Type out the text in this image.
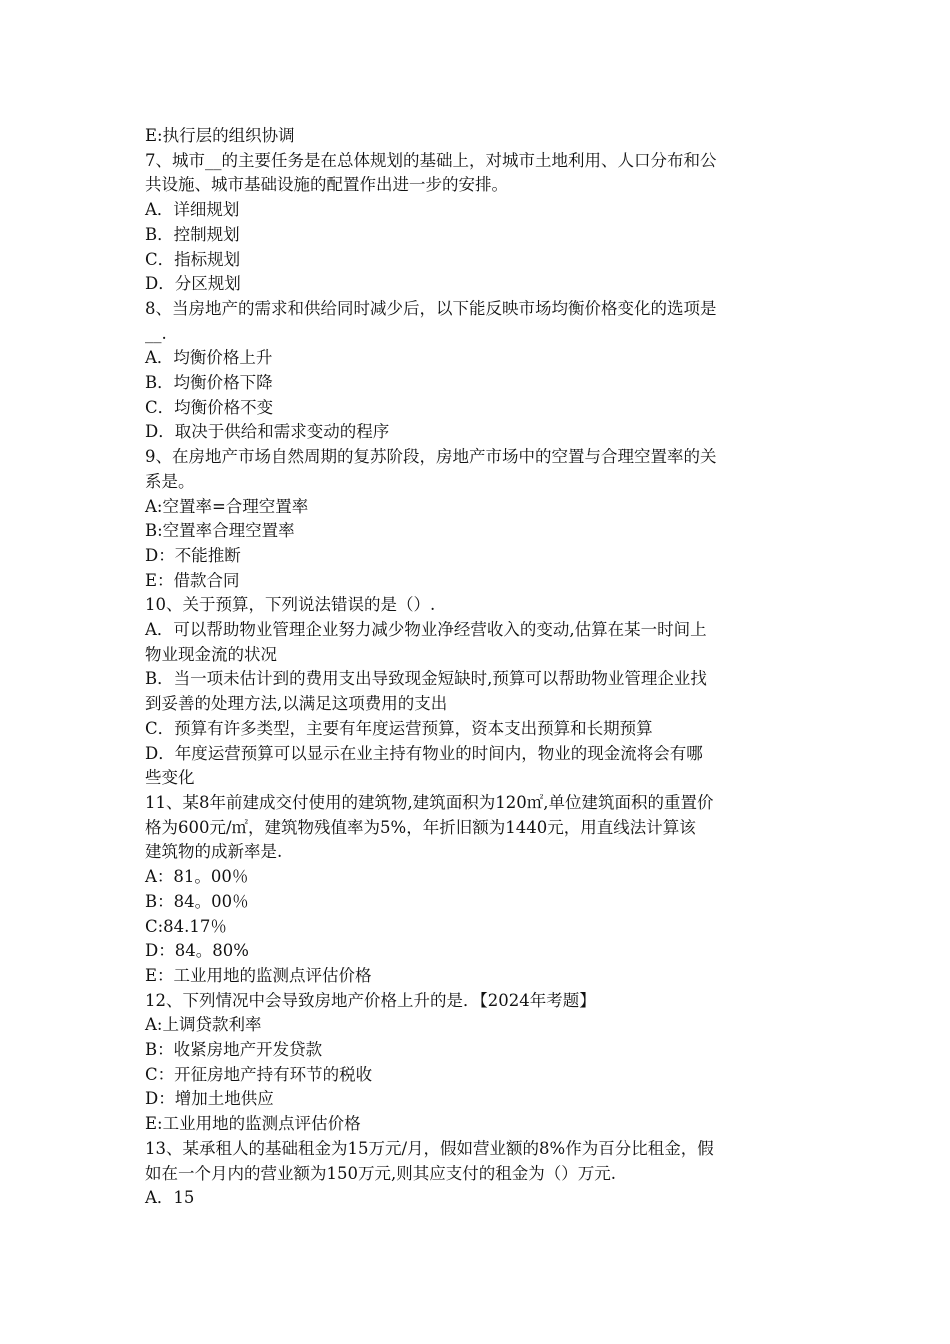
E:执行层的组织协调
7、城市__的主要任务是在总体规划的基础上，对城市土地利用、人口分布和公
共设施、城市基础设施的配置作出进一步的安排。
A．详细规划
B．控制规划
C．指标规划
D．分区规划
8、当房地产的需求和供给同时减少后，以下能反映市场均衡价格变化的选项是
__.
A．均衡价格上升
B．均衡价格下降
C．均衡价格不变
D．取决于供给和需求变动的程序
9、在房地产市场自然周期的复苏阶段，房地产市场中的空置与合理空置率的关
系是。
A:空置率=合理空置率
B:空置率合理空置率
D：不能推断
E：借款合同
10、关于预算，下列说法错误的是（）.
A．可以帮助物业管理企业努力减少物业净经营收入的变动,估算在某一时间上
物业现金流的状况
B．当一项未估计到的费用支出导致现金短缺时,预算可以帮助物业管理企业找
到妥善的处理方法,以满足这项费用的支出
C．预算有许多类型，主要有年度运营预算，资本支出预算和长期预算
D．年度运营预算可以显示在业主持有物业的时间内，物业的现金流将会有哪
些变化
11、某8年前建成交付使用的建筑物,建筑面积为120㎡,单位建筑面积的重置价
格为600元/㎡，建筑物残值率为5%，年折旧额为1440元，用直线法计算该
建筑物的成新率是.
A：81。00％
B：84。00％
C:84.17％
D：84。80%
E：工业用地的监测点评估价格
12、下列情况中会导致房地产价格上升的是．【2024年考题】
A:上调贷款利率
B：收紧房地产开发贷款
C：开征房地产持有环节的税收
D：增加土地供应
E:工业用地的监测点评估价格
13、某承租人的基础租金为15万元/月，假如营业额的8%作为百分比租金，假
如在一个月内的营业额为150万元,则其应支付的租金为（）万元.
A．15
